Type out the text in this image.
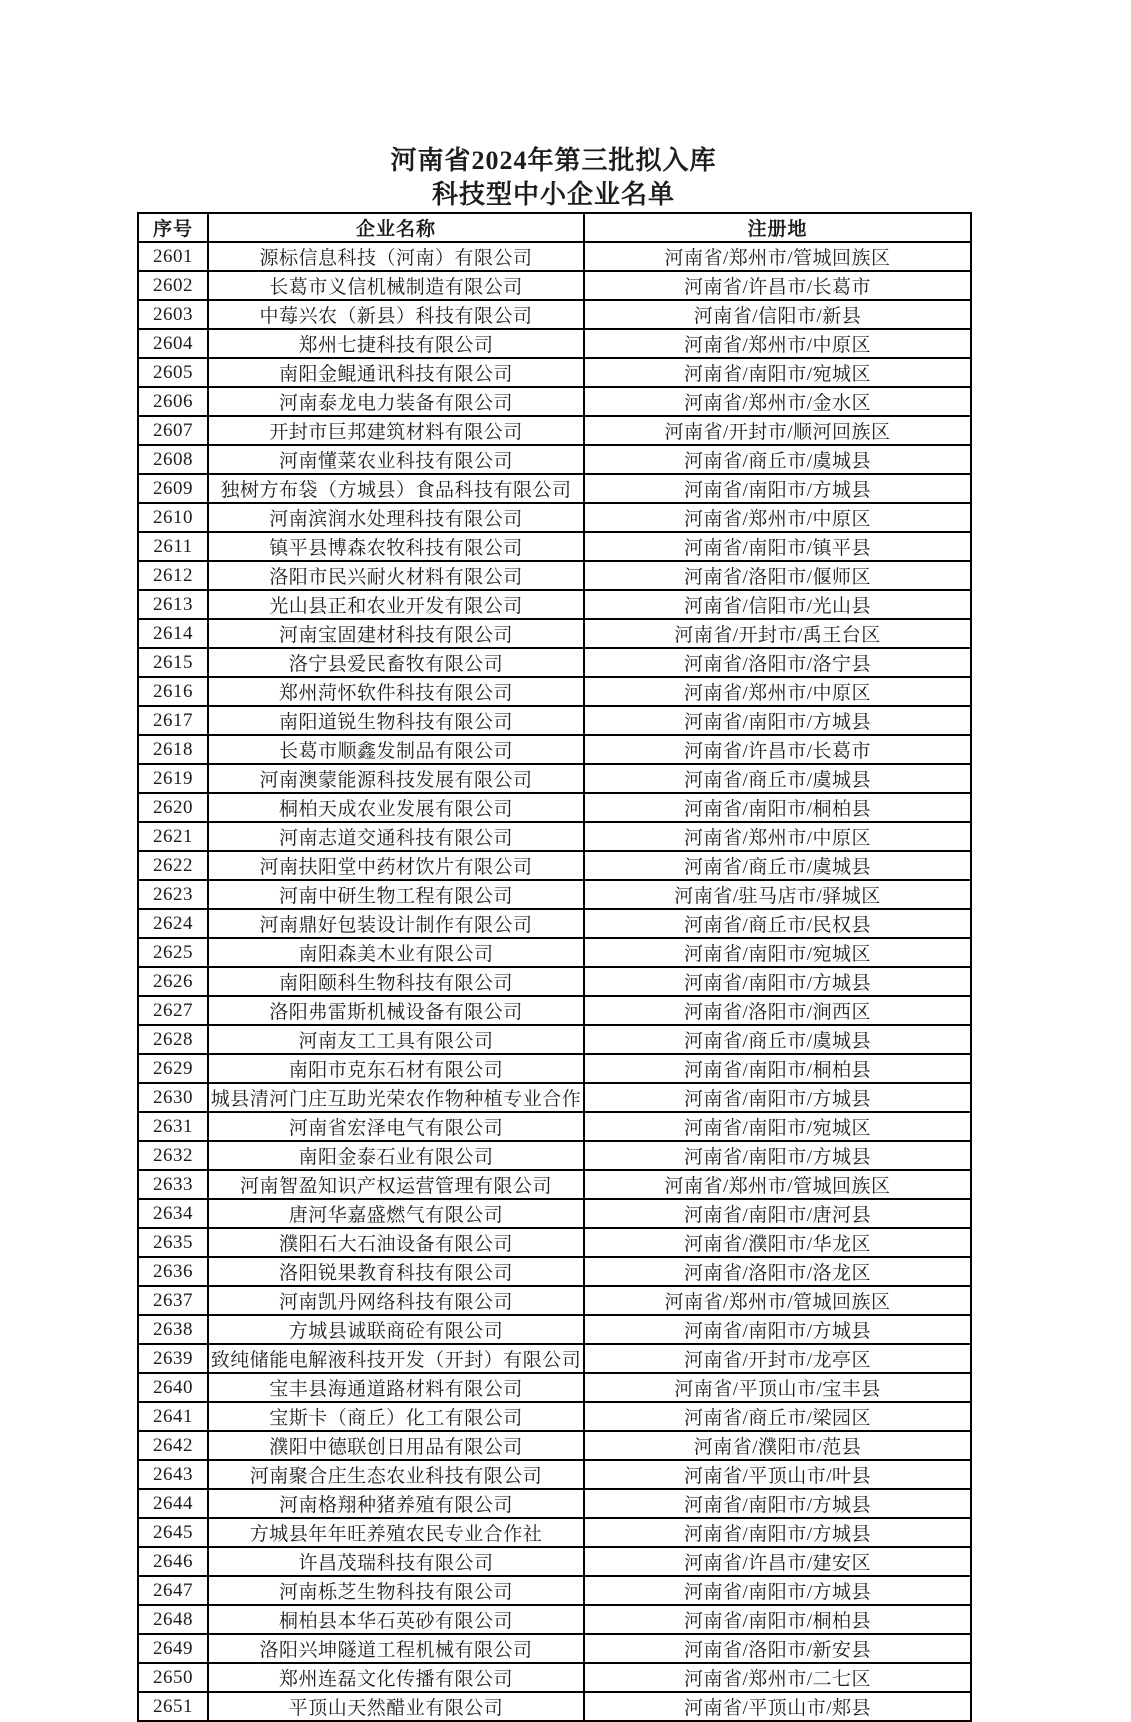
河南省2024年第三批拟入库
科技型中小企业名单
序号	企业名称	注册地
2601	源标信息科技（河南）有限公司	河南省/郑州市/管城回族区
2602	长葛市义信机械制造有限公司	河南省/许昌市/长葛市
2603	中莓兴农（新县）科技有限公司	河南省/信阳市/新县
2604	郑州七捷科技有限公司	河南省/郑州市/中原区
2605	南阳金鲲通讯科技有限公司	河南省/南阳市/宛城区
2606	河南泰龙电力装备有限公司	河南省/郑州市/金水区
2607	开封市巨邦建筑材料有限公司	河南省/开封市/顺河回族区
2608	河南懂菜农业科技有限公司	河南省/商丘市/虞城县
2609	独树方布袋（方城县）食品科技有限公司	河南省/南阳市/方城县
2610	河南滨润水处理科技有限公司	河南省/郑州市/中原区
2611	镇平县博森农牧科技有限公司	河南省/南阳市/镇平县
2612	洛阳市民兴耐火材料有限公司	河南省/洛阳市/偃师区
2613	光山县正和农业开发有限公司	河南省/信阳市/光山县
2614	河南宝固建材科技有限公司	河南省/开封市/禹王台区
2615	洛宁县爱民畜牧有限公司	河南省/洛阳市/洛宁县
2616	郑州菏怀软件科技有限公司	河南省/郑州市/中原区
2617	南阳道锐生物科技有限公司	河南省/南阳市/方城县
2618	长葛市顺鑫发制品有限公司	河南省/许昌市/长葛市
2619	河南澳蒙能源科技发展有限公司	河南省/商丘市/虞城县
2620	桐柏天成农业发展有限公司	河南省/南阳市/桐柏县
2621	河南志道交通科技有限公司	河南省/郑州市/中原区
2622	河南扶阳堂中药材饮片有限公司	河南省/商丘市/虞城县
2623	河南中研生物工程有限公司	河南省/驻马店市/驿城区
2624	河南鼎好包装设计制作有限公司	河南省/商丘市/民权县
2625	南阳森美木业有限公司	河南省/南阳市/宛城区
2626	南阳颐科生物科技有限公司	河南省/南阳市/方城县
2627	洛阳弗雷斯机械设备有限公司	河南省/洛阳市/涧西区
2628	河南友工工具有限公司	河南省/商丘市/虞城县
2629	南阳市克东石材有限公司	河南省/南阳市/桐柏县
2630	城县清河门庄互助光荣农作物种植专业合作	河南省/南阳市/方城县
2631	河南省宏泽电气有限公司	河南省/南阳市/宛城区
2632	南阳金泰石业有限公司	河南省/南阳市/方城县
2633	河南智盈知识产权运营管理有限公司	河南省/郑州市/管城回族区
2634	唐河华嘉盛燃气有限公司	河南省/南阳市/唐河县
2635	濮阳石大石油设备有限公司	河南省/濮阳市/华龙区
2636	洛阳锐果教育科技有限公司	河南省/洛阳市/洛龙区
2637	河南凯丹网络科技有限公司	河南省/郑州市/管城回族区
2638	方城县诚联商砼有限公司	河南省/南阳市/方城县
2639	致纯储能电解液科技开发（开封）有限公司	河南省/开封市/龙亭区
2640	宝丰县海通道路材料有限公司	河南省/平顶山市/宝丰县
2641	宝斯卡（商丘）化工有限公司	河南省/商丘市/梁园区
2642	濮阳中德联创日用品有限公司	河南省/濮阳市/范县
2643	河南聚合庄生态农业科技有限公司	河南省/平顶山市/叶县
2644	河南格翔种猪养殖有限公司	河南省/南阳市/方城县
2645	方城县年年旺养殖农民专业合作社	河南省/南阳市/方城县
2646	许昌茂瑞科技有限公司	河南省/许昌市/建安区
2647	河南栎芝生物科技有限公司	河南省/南阳市/方城县
2648	桐柏县本华石英砂有限公司	河南省/南阳市/桐柏县
2649	洛阳兴坤隧道工程机械有限公司	河南省/洛阳市/新安县
2650	郑州连磊文化传播有限公司	河南省/郑州市/二七区
2651	平顶山天然醋业有限公司	河南省/平顶山市/郏县
